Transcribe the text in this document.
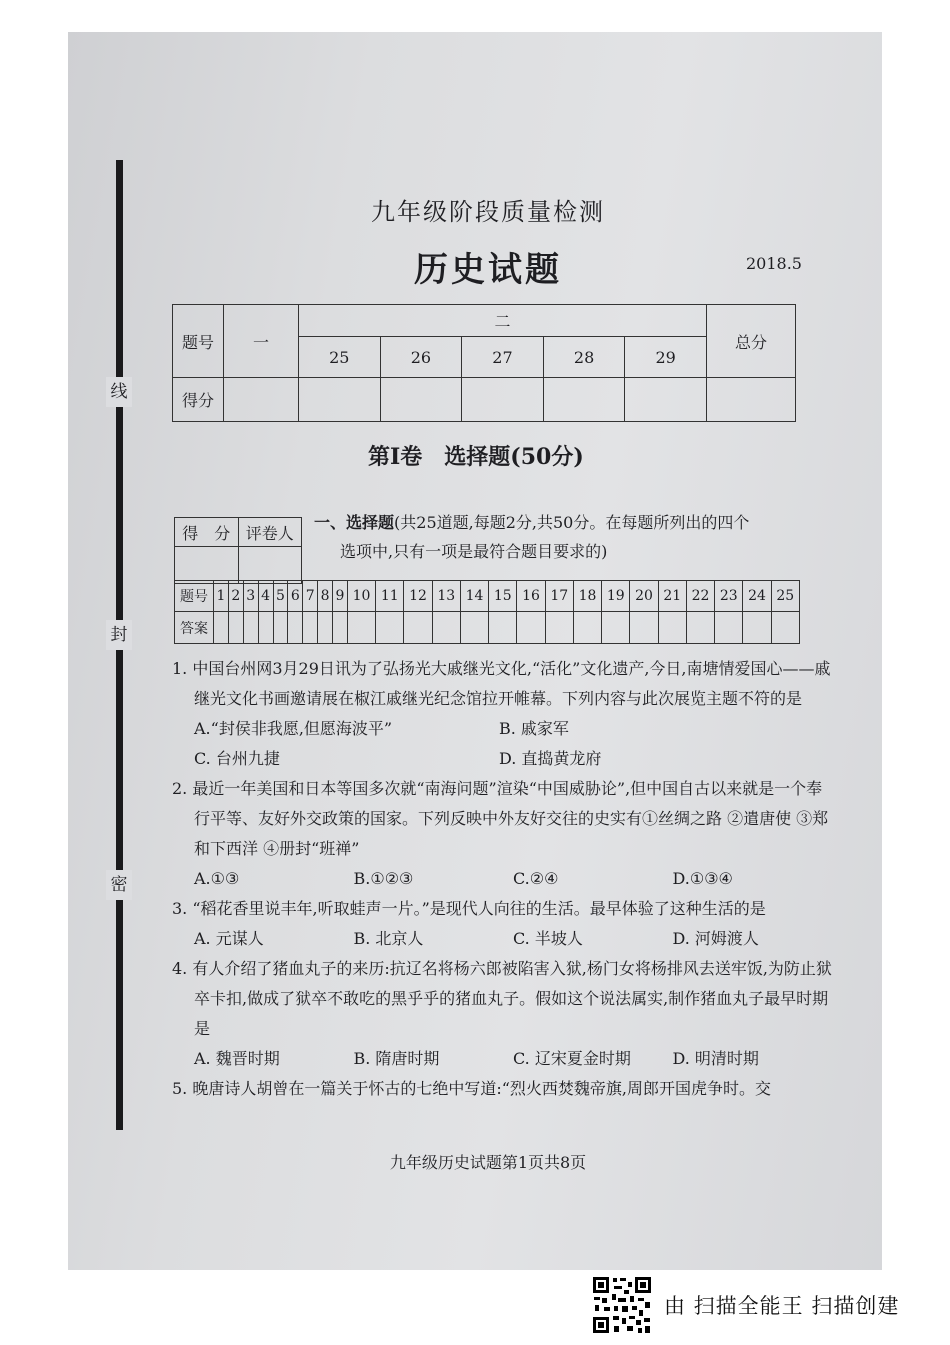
线
封
密
九年级阶段质量检测
历史试题	2018.5
题号	一	二					总分
		25	26	27	28	29	
得分							
第Ⅰ卷　选择题(50分)
得　分	评卷人

一、选择题(共25道题,每题2分,共50分。在每题所列出的四个
选项中,只有一项是最符合题目要求的)
题号	1	2	3	4	5	6	7	8	9	10	11	12	13	14	15	16	17	18	19	20	21	22	23	24	25
答案																									
1. 中国台州网3月29日讯为了弘扬光大戚继光文化,“活化”文化遗产,今日,南塘情爱国心——戚继光文化书画邀请展在椒江戚继光纪念馆拉开帷幕。下列内容与此次展览主题不符的是
A.“封侯非我愿,但愿海波平”	B. 戚家军
C. 台州九捷	D. 直捣黄龙府
2. 最近一年美国和日本等国多次就“南海问题”渲染“中国威胁论”,但中国自古以来就是一个奉行平等、友好外交政策的国家。下列反映中外友好交往的史实有①丝绸之路 ②遣唐使 ③郑和下西洋 ④册封“班禅”
A.①③	B.①②③	C.②④	D.①③④
3. “稻花香里说丰年,听取蛙声一片。”是现代人向往的生活。最早体验了这种生活的是
A. 元谋人	B. 北京人	C. 半坡人	D. 河姆渡人
4. 有人介绍了猪血丸子的来历:抗辽名将杨六郎被陷害入狱,杨门女将杨排风去送牢饭,为防止狱卒卡扣,做成了狱卒不敢吃的黑乎乎的猪血丸子。假如这个说法属实,制作猪血丸子最早时期是
A. 魏晋时期	B. 隋唐时期	C. 辽宋夏金时期	D. 明清时期
5. 晚唐诗人胡曾在一篇关于怀古的七绝中写道:“烈火西焚魏帝旗,周郎开国虎争时。交
九年级历史试题第1页共8页
由 扫描全能王 扫描创建
